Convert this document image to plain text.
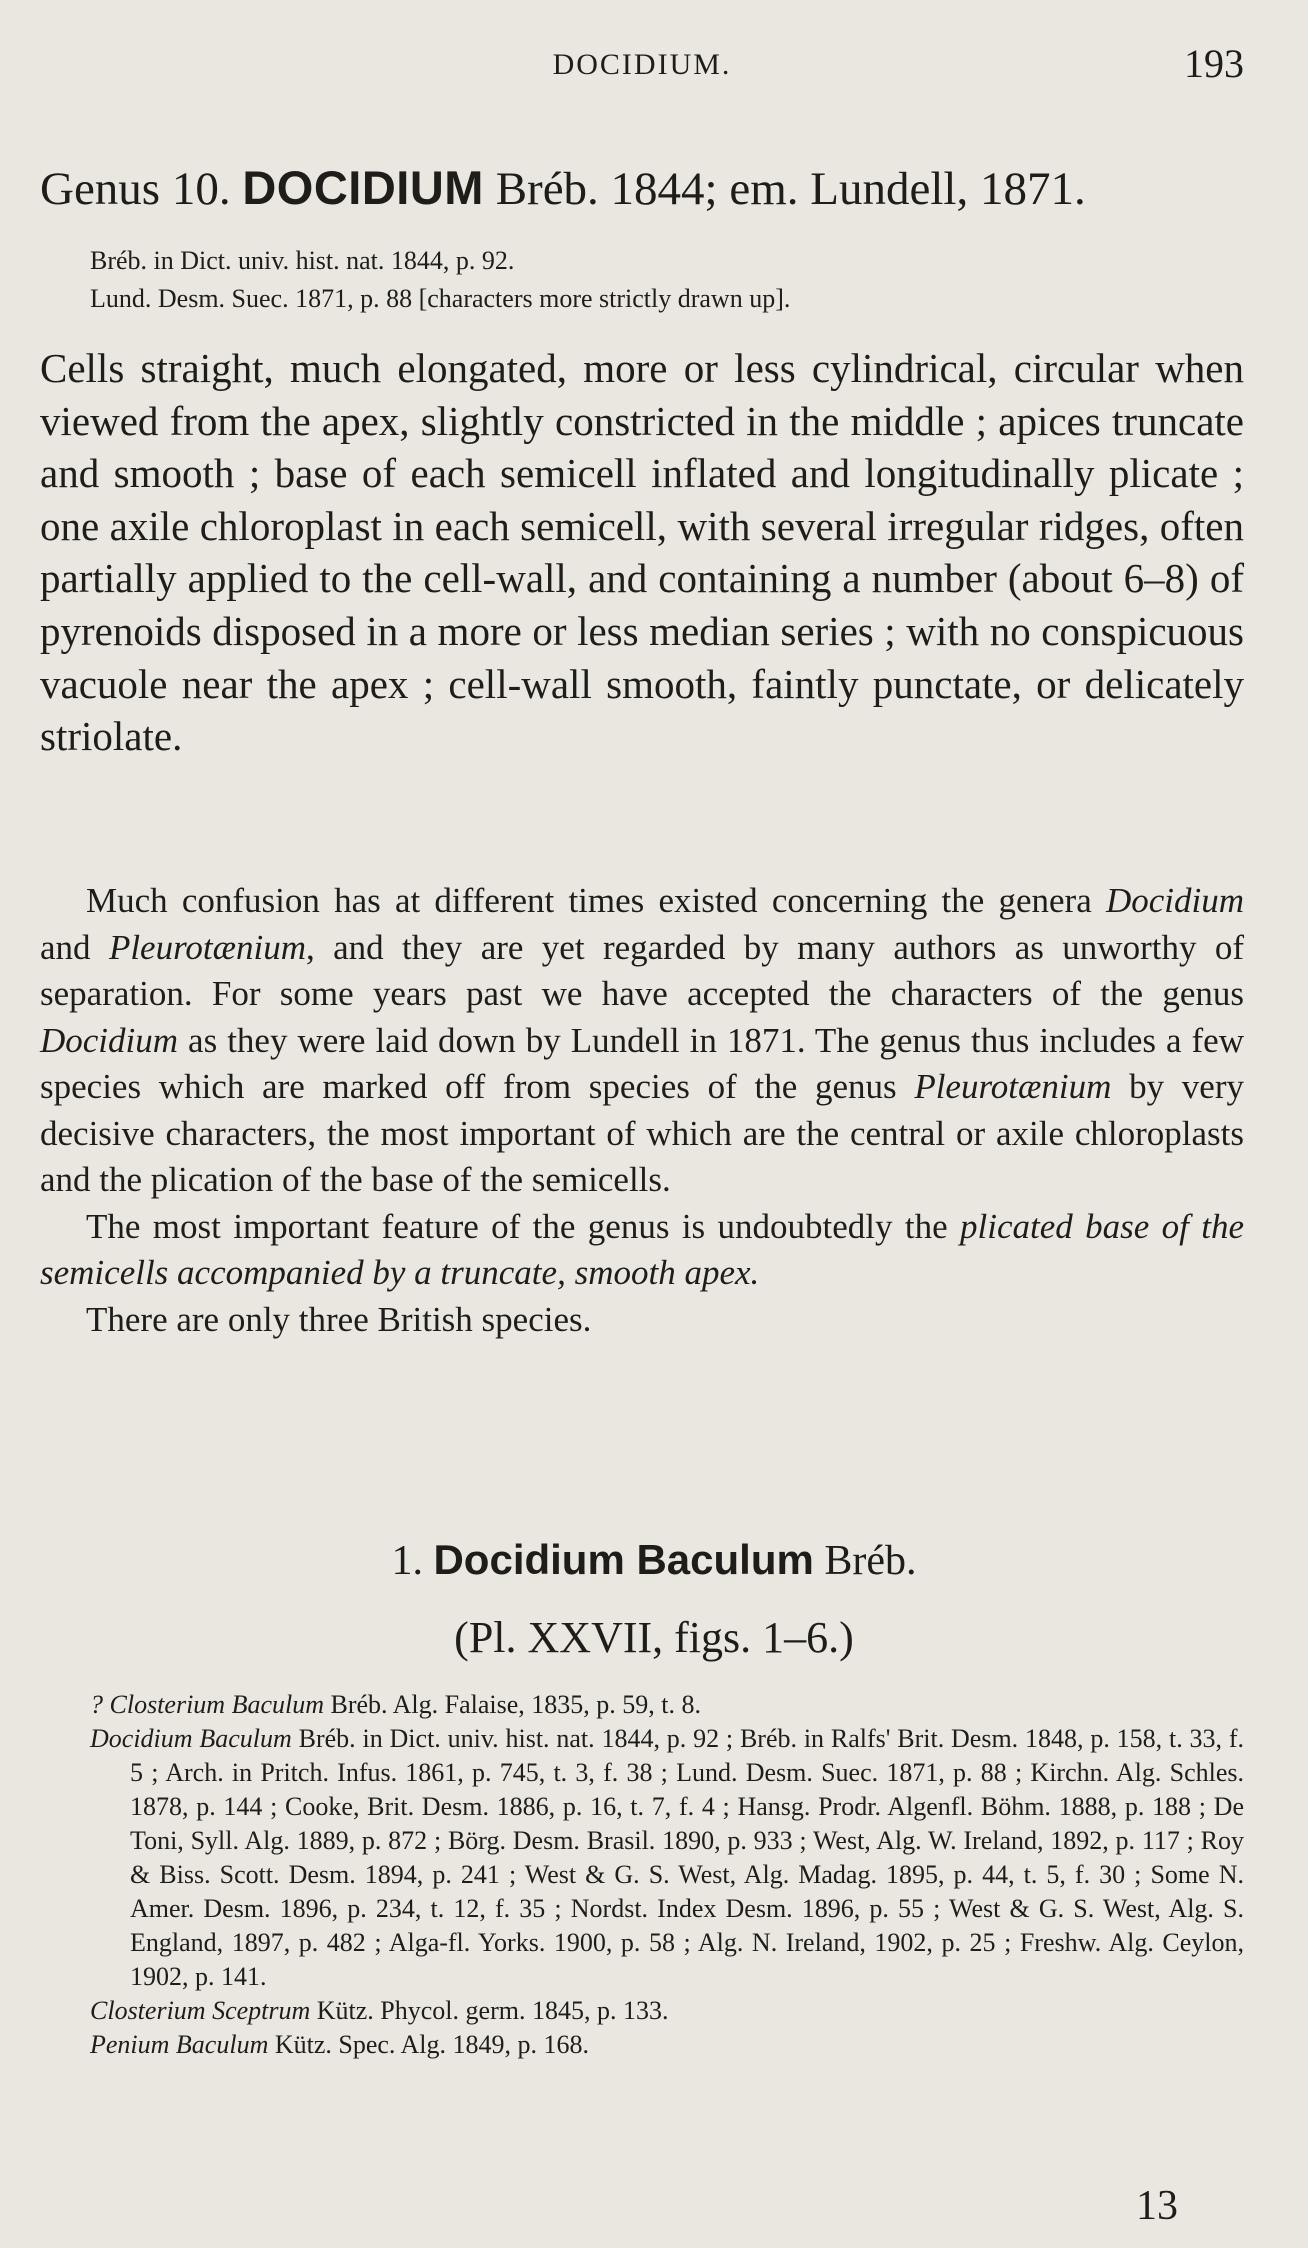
DOCIDIUM.	193
Genus 10. DOCIDIUM Bréb. 1844; em. Lundell, 1871.
Bréb. in Dict. univ. hist. nat. 1844, p. 92.
Lund. Desm. Suec. 1871, p. 88 [characters more strictly drawn up].
Cells straight, much elongated, more or less cylindrical, circular when viewed from the apex, slightly constricted in the middle ; apices truncate and smooth ; base of each semicell inflated and longitudinally plicate ; one axile chloroplast in each semicell, with several irregular ridges, often partially applied to the cell-wall, and containing a number (about 6–8) of pyrenoids disposed in a more or less median series ; with no conspicuous vacuole near the apex ; cell-wall smooth, faintly punctate, or delicately striolate.

Much confusion has at different times existed concerning the genera Docidium and Pleurotænium, and they are yet regarded by many authors as unworthy of separation. For some years past we have accepted the characters of the genus Docidium as they were laid down by Lundell in 1871. The genus thus includes a few species which are marked off from species of the genus Pleurotænium by very decisive characters, the most important of which are the central or axile chloroplasts and the plication of the base of the semicells.

The most important feature of the genus is undoubtedly the plicated base of the semicells accompanied by a truncate, smooth apex.

There are only three British species.

1. Docidium Baculum Bréb.
(Pl. XXVII, figs. 1–6.)
? Closterium Baculum Bréb. Alg. Falaise, 1835, p. 59, t. 8.
Docidium Baculum Bréb. in Dict. univ. hist. nat. 1844, p. 92 ; Bréb. in Ralfs' Brit. Desm. 1848, p. 158, t. 33, f. 5 ; Arch. in Pritch. Infus. 1861, p. 745, t. 3, f. 38 ; Lund. Desm. Suec. 1871, p. 88 ; Kirchn. Alg. Schles. 1878, p. 144 ; Cooke, Brit. Desm. 1886, p. 16, t. 7, f. 4 ; Hansg. Prodr. Algenfl. Böhm. 1888, p. 188 ; De Toni, Syll. Alg. 1889, p. 872 ; Börg. Desm. Brasil. 1890, p. 933 ; West, Alg. W. Ireland, 1892, p. 117 ; Roy & Biss. Scott. Desm. 1894, p. 241 ; West & G. S. West, Alg. Madag. 1895, p. 44, t. 5, f. 30 ; Some N. Amer. Desm. 1896, p. 234, t. 12, f. 35 ; Nordst. Index Desm. 1896, p. 55 ; West & G. S. West, Alg. S. England, 1897, p. 482 ; Alga-fl. Yorks. 1900, p. 58 ; Alg. N. Ireland, 1902, p. 25 ; Freshw. Alg. Ceylon, 1902, p. 141.
Closterium Sceptrum Kütz. Phycol. germ. 1845, p. 133.
Penium Baculum Kütz. Spec. Alg. 1849, p. 168.
13
